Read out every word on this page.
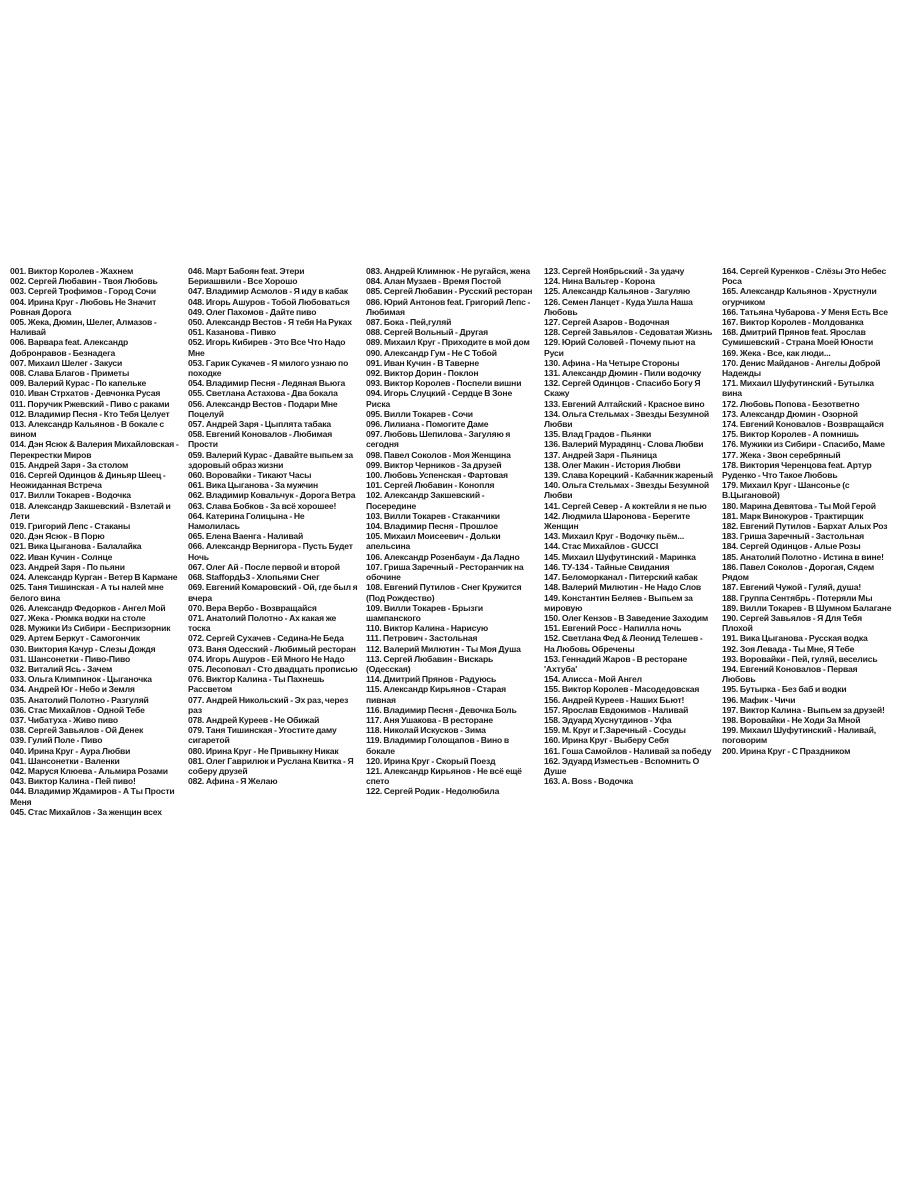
001. Виктор Королев - Жахнем
002. Сергей Любавин - Твоя Любовь
003. Сергей Трофимов - Город Сочи
004. Ирина Круг - Любовь Не Значит Ровная Дорога
005. Жека, Дюмин, Шелег, Алмазов - Наливай
006. Варвара feat. Александр Добронравов - Безнадега
007. Михаил Шелег - Закуси
008. Слава Благов - Приметы
009. Валерий Курас - По капельке
010. Иван Стрхатов - Девчонка Русая
011. Поручик Ржевский - Пиво с раками
012. Владимир Песня - Кто Тебя Целует
013. Александр Кальянов - В бокале с вином
014. Дэн Ясюк & Валерия Михайловская - Перекрестки Миров
015. Андрей Заря - За столом
016. Сергей Одинцов & Диньяр Шеец - Неожиданная Встреча
017. Вилли Токарев - Водочка
018. Александр Закшевский - Взлетай и Лети
019. Григорий Лепс - Стаканы
020. Дэн Ясюк - В Порю
021. Вика Цыганова - Балалайка
022. Иван Кучин - Солнце
023. Андрей Заря - По пьяни
024. Александр Курган - Ветер В Кармане
025. Таня Тишинская - А ты налей мне белого вина
026. Александр Федорков - Ангел Мой
027. Жека - Рюмка водки на столе
028. Мужики Из Сибири - Беспризорник
029. Артем Беркут - Самогончик
030. Виктория Качур - Слезы Дождя
031. Шансонетки - Пиво-Пиво
032. Виталий Ясь - Зачем
033. Ольга Климпинок - Цыганочка
034. Андрей Юг - Небо и Земля
035. Анатолий Полотно - Разгуляй
036. Стас Михайлов - Одной Тебе
037. Чибатуха - Живо пиво
038. Сергей Завьялов - Ой Денек
039. Гулий Поле - Пиво
040. Ирина Круг - Аура Любви
041. Шансонетки - Валенки
042. Маруся Клюева - Альмира Розами
043. Виктор Калина - Пей пиво!
044. Владимир Ждамиров - А Ты Прости Меня
045. Стас Михайлов - За женщин всех
046. Март Бабоян feat. Этери Бериашвили - Все Хорошо
047. Владимир Асмолов - Я иду в кабак
048. Игорь Ашуров - Тобой Любоваться
049. Олег Пахомов - Дайте пиво
050. Александр Вестов - Я тебя На Руках
051. Казанова - Пивко
052. Игорь Кибирев - Это Все Что Надо Мне
053. Гарик Сукачев - Я милого узнаю по походке
054. Владимир Песня - Ледяная Вьюга
055. Светлана Астахова - Два бокала
056. Александр Вестов - Подари Мне Поцелуй
057. Андрей Заря - Цыплята табака
058. Евгений Коновалов - Любимая Прости
059. Валерий Курас - Давайте выпьем за здоровый образ жизни
060. Воровайки - Тикают Часы
061. Вика Цыганова - За мужчин
062. Владимир Ковальчук - Дорога Ветра
063. Слава Бобков - За всё хорошее!
064. Катерина Голицына - Не Намолилась
065. Елена Ваенга - Наливай
066. Александр Вернигора - Пусть Будет Ночь
067. Олег Ай - После первой и второй
068. StaffордЬ3 - Хлопьями Снег
069. Евгений Комаровский - Ой, где был я вчера
070. Вера Вербо - Возвращайся
071. Анатолий Полотно - Ах какая же тоска
072. Сергей Сухачев - Седина-Не Беда
073. Ваня Одесский - Любимый ресторан
074. Игорь Ашуров - Ей Много Не Надо
075. Лесоповал - Сто двадцать прописью
076. Виктор Калина - Ты Пахнешь Рассветом
077. Андрей Никольский - Эх раз, через раз
078. Андрей Куреев - Не Обижай
079. Таня Тишинская - Угостите даму сигаретой
080. Ирина Круг - Не Привыкну Никак
081. Олег Гаврилюк и Руслана Квитка - Я соберу друзей
082. Афина - Я Желаю
083. Андрей Климнюк - Не ругайся, жена
084. Алан Музаев - Время Постой
085. Сергей Любавин - Русский ресторан
086. Юрий Антонов feat. Григорий Лепс - Любимая
087. Бока - Пей,гуляй
088. Сергей Вольный - Другая
089. Михаил Круг - Приходите в мой дом
090. Александр Гум - Не С Тобой
091. Иван Кучин - В Таверне
092. Виктор Дорин - Поклон
093. Виктор Королев - Поспели вишни
094. Игорь Слуцкий - Сердце В Зоне Риска
095. Вилли Токарев - Сочи
096. Лилиана - Помогите Даме
097. Любовь Шепилова - Загуляю я сегодня
098. Павел Соколов - Моя Женщина
099. Виктор Черников - За друзей
100. Любовь Успенская - Фартовая
101. Сергей Любавин - Конопля
102. Александр Закшевский - Посередине
103. Вилли Токарев - Стаканчики
104. Владимир Песня - Прошлое
105. Михаил Моисеевич - Дольки апельсина
106. Александр Розенбаум - Да Ладно
107. Гриша Заречный - Ресторанчик на обочине
108. Евгений Путилов - Снег Кружится (Под Рождество)
109. Вилли Токарев - Брызги шампанского
110. Виктор Калина - Нарисую
111. Петрович - Застольная
112. Валерий Милютин - Ты Моя Душа
113. Сергей Любавин - Вискарь (Одесская)
114. Дмитрий Прянов - Радуюсь
115. Александр Кирьянов - Старая пивная
116. Владимир Песня - Девочка Боль
117. Аня Ушакова - В ресторане
118. Николай Искусков - Зима
119. Владимир Голощапов - Вино в бокале
120. Ирина Круг - Скорый Поезд
121. Александр Кирьянов - Не всё ещё спето
122. Сергей Родик - Недолюбила
123. Сергей Ноябрьский - За удачу
124. Нина Вальтер - Корона
125. Александр Кальянов - Загуляю
126. Семен Ланцет - Куда Ушла Наша Любовь
127. Сергей Азаров - Водочная
128. Сергей Завьялов - Седоватая Жизнь
129. Юрий Соловей - Почему пьют на Руси
130. Афина - На Четыре Стороны
131. Александр Дюмин - Пили водочку
132. Сергей Одинцов - Спасибо Богу Я Скажу
133. Евгений Алтайский - Красное вино
134. Ольга Стельмах - Звезды Безумной Любви
135. Влад Градов - Пьянки
136. Валерий Мурадянц - Слова Любви
137. Андрей Заря - Пьяница
138. Олег Макин - История Любви
139. Слава Корецкий - Кабачник жареный
140. Ольга Стельмах - Звезды Безумной Любви
141. Сергей Север - А коктейли я не пью
142. Людмила Шаронова - Берегите Женщин
143. Михаил Круг - Водочку пьём...
144. Стас Михайлов - GUCCI
145. Михаил Шуфутинский - Маринка
146. ТУ-134 - Тайные Свидания
147. Беломорканал - Питерский кабак
148. Валерий Милютин - Не Надо Слов
149. Константин Беляев - Выпьем за мировую
150. Олег Кензов - В Заведение Заходим
151. Евгений Росс - Напилла ночь
152. Светлана Фед & Леонид Телешев - На Любовь Обречены
153. Геннадий Жаров - В ресторане 'Ахтуба'
154. Алисса - Мой Ангел
155. Виктор Королев - Масодедовская
156. Андрей Куреев - Наших Бьют!
157. Ярослав Евдокимов - Наливай
158. Эдуард Хуснутдинов - Уфа
159. М. Круг и Г.Заречный - Сосуды
160. Ирина Круг - Выберу Себя
161. Гоша Самойлов - Наливай за победу
162. Эдуард Изместьев - Вспомнить О Душе
163. A. Boss - Водочка
164. Сергей Куренков - Слёзы Это Небес Роса
165. Александр Кальянов - Хрустнули огурчиком
166. Татьяна Чубарова - У Меня Есть Все
167. Виктор Королев - Молдованка
168. Дмитрий Прянов feat. Ярослав Сумишевский - Страна Моей Юности
169. Жека - Все, как люди...
170. Денис Майданов - Ангелы Доброй Надежды
171. Михаил Шуфутинский - Бутылка вина
172. Любовь Попова - Безответно
173. Александр Дюмин - Озорной
174. Евгений Коновалов - Возвращайся
175. Виктор Королев - А помнишь
176. Мужики из Сибири - Спасибо, Маме
177. Жека - Звон серебряный
178. Виктория Черенцова feat. Артур Руденко - Что Такое Любовь
179. Михаил Круг - Шансонье (с В.Цыгановой)
180. Марина Девятова - Ты Мой Герой
181. Марк Винокуров - Трактирщик
182. Евгений Путилов - Бархат Алых Роз
183. Гриша Заречный - Застольная
184. Сергей Одинцов - Алые Розы
185. Анатолий Полотно - Истина в вине!
186. Павел Соколов - Дорогая, Сядем Рядом
187. Евгений Чужой - Гуляй, душа!
188. Группа Сентябрь - Потеряли Мы
189. Вилли Токарев - В Шумном Балагане
190. Сергей Завьялов - Я Для Тебя Плохой
191. Вика Цыганова - Русская водка
192. Зоя Левада - Ты Мне, Я Тебе
193. Воровайки - Пей, гуляй, веселись
194. Евгений Коновалов - Первая Любовь
195. Бутырка - Без баб и водки
196. Мафик - Чичи
197. Виктор Калина - Выпьем за друзей!
198. Воровайки - Не Ходи За Мной
199. Михаил Шуфутинский - Наливай, поговорим
200. Ирина Круг - С Праздником
